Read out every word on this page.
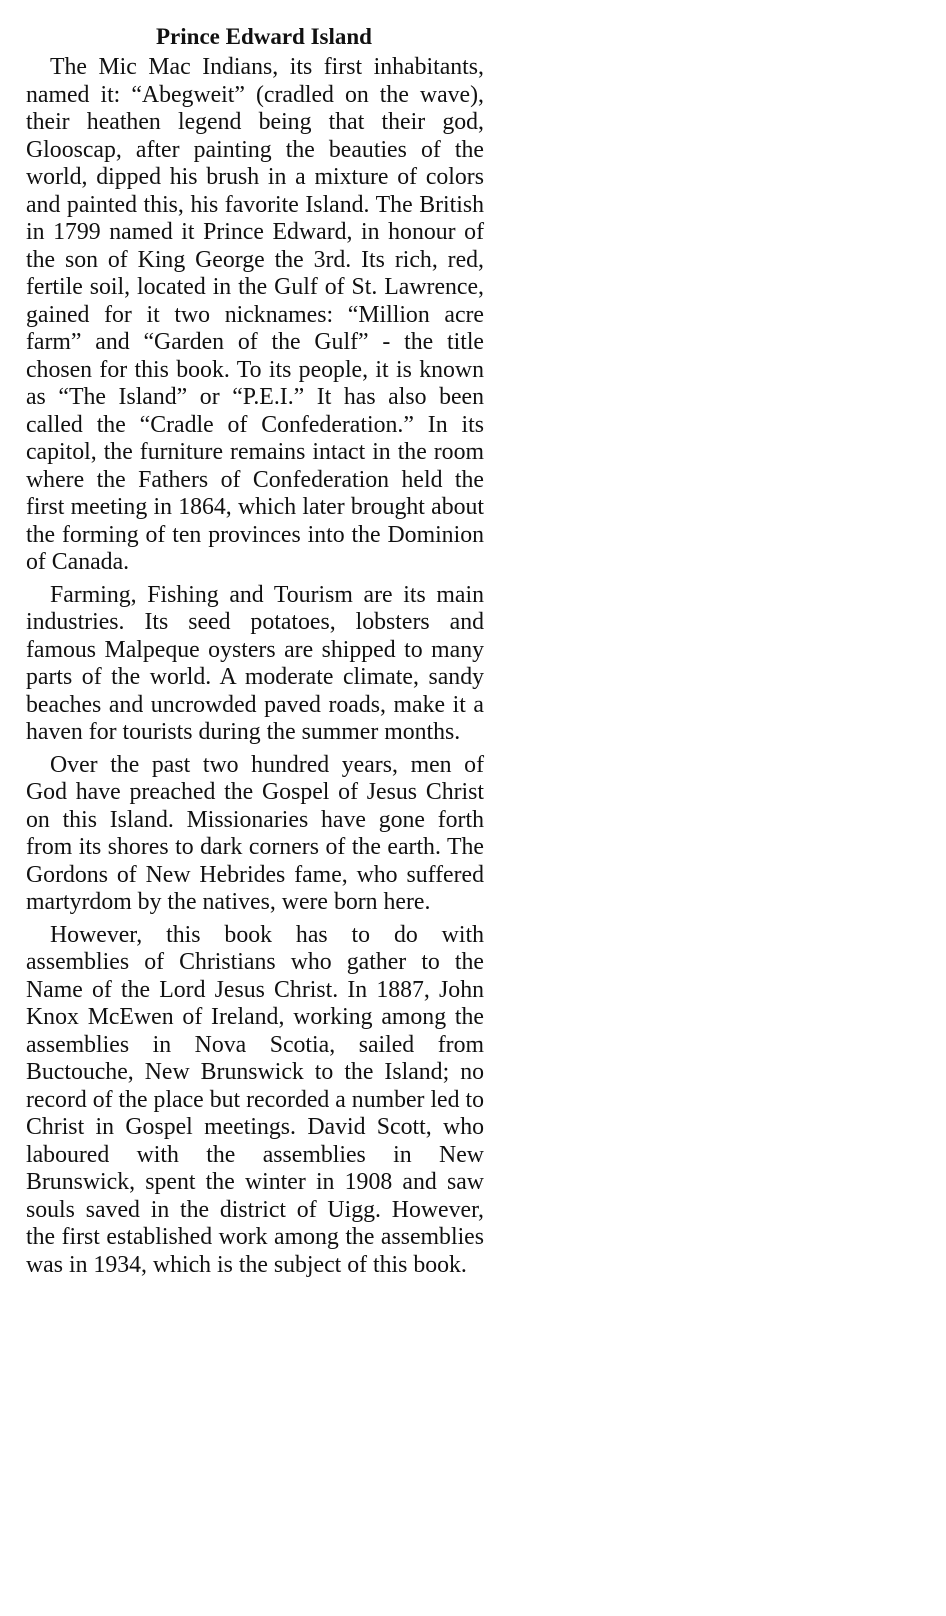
Prince Edward Island

The Mic Mac Indians, its first inhabitants, named it: “Abegweit” (cradled on the wave), their heathen legend being that their god, Glooscap, after painting the beauties of the world, dipped his brush in a mixture of colors and painted this, his favorite Island. The British in 1799 named it Prince Edward, in honour of the son of King George the 3rd. Its rich, red, fertile soil, located in the Gulf of St. Lawrence, gained for it two nicknames: “Million acre farm” and “Garden of the Gulf” - the title chosen for this book. To its people, it is known as “The Island” or “P.E.I.” It has also been called the “Cradle of Confederation.” In its capitol, the furniture remains intact in the room where the Fathers of Confederation held the first meeting in 1864, which later brought about the forming of ten provinces into the Dominion of Canada.

Farming, Fishing and Tourism are its main industries. Its seed potatoes, lobsters and famous Malpeque oysters are shipped to many parts of the world. A moderate climate, sandy beaches and uncrowded paved roads, make it a haven for tourists during the summer months.

Over the past two hundred years, men of God have preached the Gospel of Jesus Christ on this Island. Missionaries have gone forth from its shores to dark corners of the earth. The Gordons of New Hebrides fame, who suffered martyrdom by the natives, were born here.

However, this book has to do with assemblies of Christians who gather to the Name of the Lord Jesus Christ. In 1887, John Knox McEwen of Ireland, working among the assemblies in Nova Scotia, sailed from Buctouche, New Brunswick to the Island; no record of the place but recorded a number led to Christ in Gospel meetings. David Scott, who laboured with the assemblies in New Brunswick, spent the winter in 1908 and saw souls saved in the district of Uigg. However, the first established work among the assemblies was in 1934, which is the subject of this book.
